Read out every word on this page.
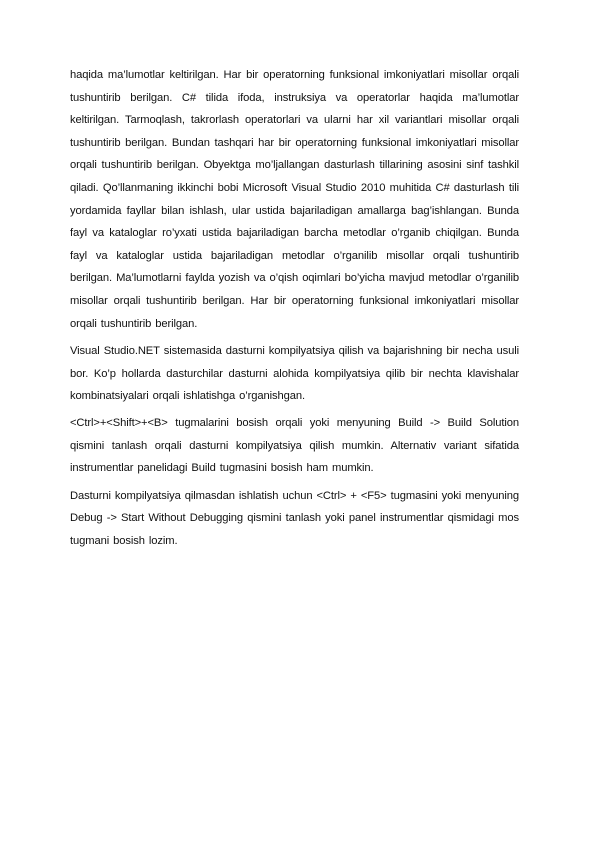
haqida ma’lumotlar keltirilgan. Har bir operatorning funksional imkoniyatlari misollar orqali tushuntirib berilgan. C# tilida ifoda, instruksiya va operatorlar haqida ma’lumotlar keltirilgan. Tarmoqlash, takrorlash operatorlari va ularni har xil variantlari misollar orqali tushuntirib berilgan. Bundan tashqari har bir operatorning funksional imkoniyatlari misollar orqali tushuntirib berilgan. Obyektga mo’ljallangan dasturlash tillarining asosini sinf tashkil qiladi. Qo’llanmaning ikkinchi bobi Microsoft Visual Studio 2010 muhitida C# dasturlash tili yordamida fayllar bilan ishlash, ular ustida bajariladigan amallarga bag’ishlangan. Bunda fayl va kataloglar ro’yxati ustida bajariladigan barcha metodlar o’rganib chiqilgan. Bunda fayl va kataloglar ustida bajariladigan metodlar o’rganilib misollar orqali tushuntirib berilgan. Ma’lumotlarni faylda yozish va o’qish oqimlari bo’yicha mavjud metodlar o’rganilib misollar orqali tushuntirib berilgan. Har bir operatorning funksional imkoniyatlari misollar orqali tushuntirib berilgan.

Visual Studio.NET sistemasida dasturni kompilyatsiya qilish va bajarishning bir necha usuli bor. Ko’p hollarda dasturchilar dasturni alohida kompilyatsiya qilib bir nechta klavishalar kombinatsiyalari orqali ishlatishga o’rganishgan.

<Ctrl>+<Shift>+<B> tugmalarini bosish orqali yoki menyuning Build -> Build Solution qismini tanlash orqali dasturni kompilyatsiya qilish mumkin. Alternativ variant sifatida instrumentlar panelidagi Build tugmasini bosish ham mumkin.

Dasturni kompilyatsiya qilmasdan ishlatish uchun <Ctrl> + <F5> tugmasini yoki menyuning Debug -> Start Without Debugging qismini tanlash yoki panel instrumentlar qismidagi mos tugmani bosish lozim.
